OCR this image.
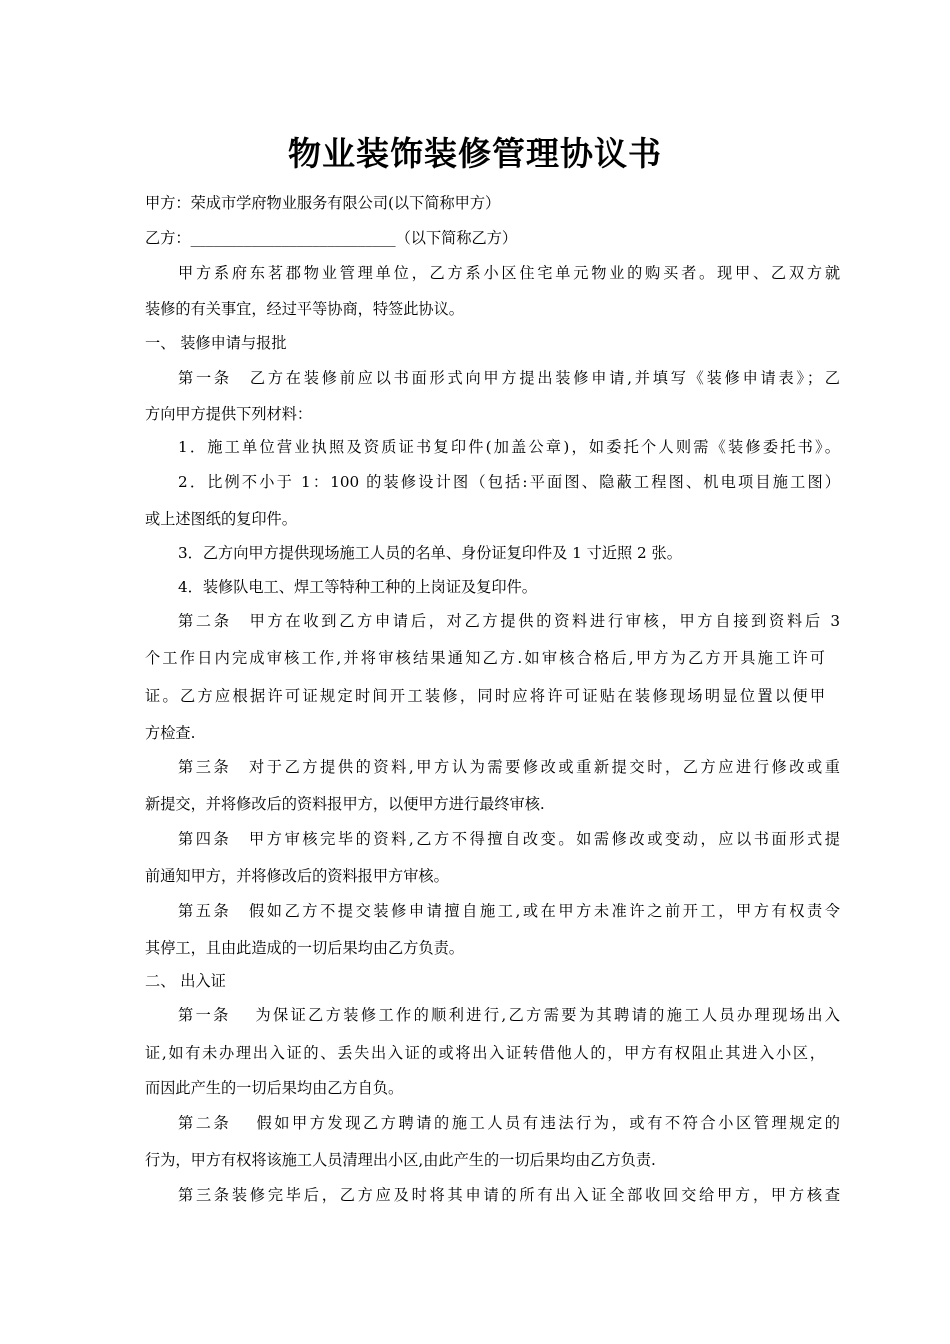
物业装饰装修管理协议书
甲方：荣成市学府物业服务有限公司(以下简称甲方）
乙方：___________________________（以下简称乙方）
甲方系府东茗郡物业管理单位，乙方系小区住宅单元物业的购买者。现甲、乙双方就
装修的有关事宜，经过平等协商，特签此协议。
一、 装修申请与报批
第一条　乙方在装修前应以书面形式向甲方提出装修申请,并填写《装修申请表》；乙
方向甲方提供下列材料：
1．施工单位营业执照及资质证书复印件(加盖公章)，如委托个人则需《装修委托书》。
2．比例不小于 1：100 的装修设计图（包括:平面图、隐蔽工程图、机电项目施工图）
或上述图纸的复印件。
3．乙方向甲方提供现场施工人员的名单、身份证复印件及 1 寸近照 2 张。
4．装修队电工、焊工等特种工种的上岗证及复印件。
第二条　甲方在收到乙方申请后，对乙方提供的资料进行审核，甲方自接到资料后 3
个工作日内完成审核工作,并将审核结果通知乙方.如审核合格后,甲方为乙方开具施工许可
证。乙方应根据许可证规定时间开工装修，同时应将许可证贴在装修现场明显位置以便甲
方检查.
第三条　对于乙方提供的资料,甲方认为需要修改或重新提交时，乙方应进行修改或重
新提交，并将修改后的资料报甲方，以便甲方进行最终审核.
第四条　甲方审核完毕的资料,乙方不得擅自改变。如需修改或变动，应以书面形式提
前通知甲方，并将修改后的资料报甲方审核。
第五条　假如乙方不提交装修申请擅自施工,或在甲方未准许之前开工，甲方有权责令
其停工，且由此造成的一切后果均由乙方负责。
二、 出入证
第一条　 为保证乙方装修工作的顺利进行,乙方需要为其聘请的施工人员办理现场出入
证,如有未办理出入证的、丢失出入证的或将出入证转借他人的，甲方有权阻止其进入小区，
而因此产生的一切后果均由乙方自负。
第二条　 假如甲方发现乙方聘请的施工人员有违法行为，或有不符合小区管理规定的
行为，甲方有权将该施工人员清理出小区,由此产生的一切后果均由乙方负责.
第三条装修完毕后，乙方应及时将其申请的所有出入证全部收回交给甲方，甲方核查
